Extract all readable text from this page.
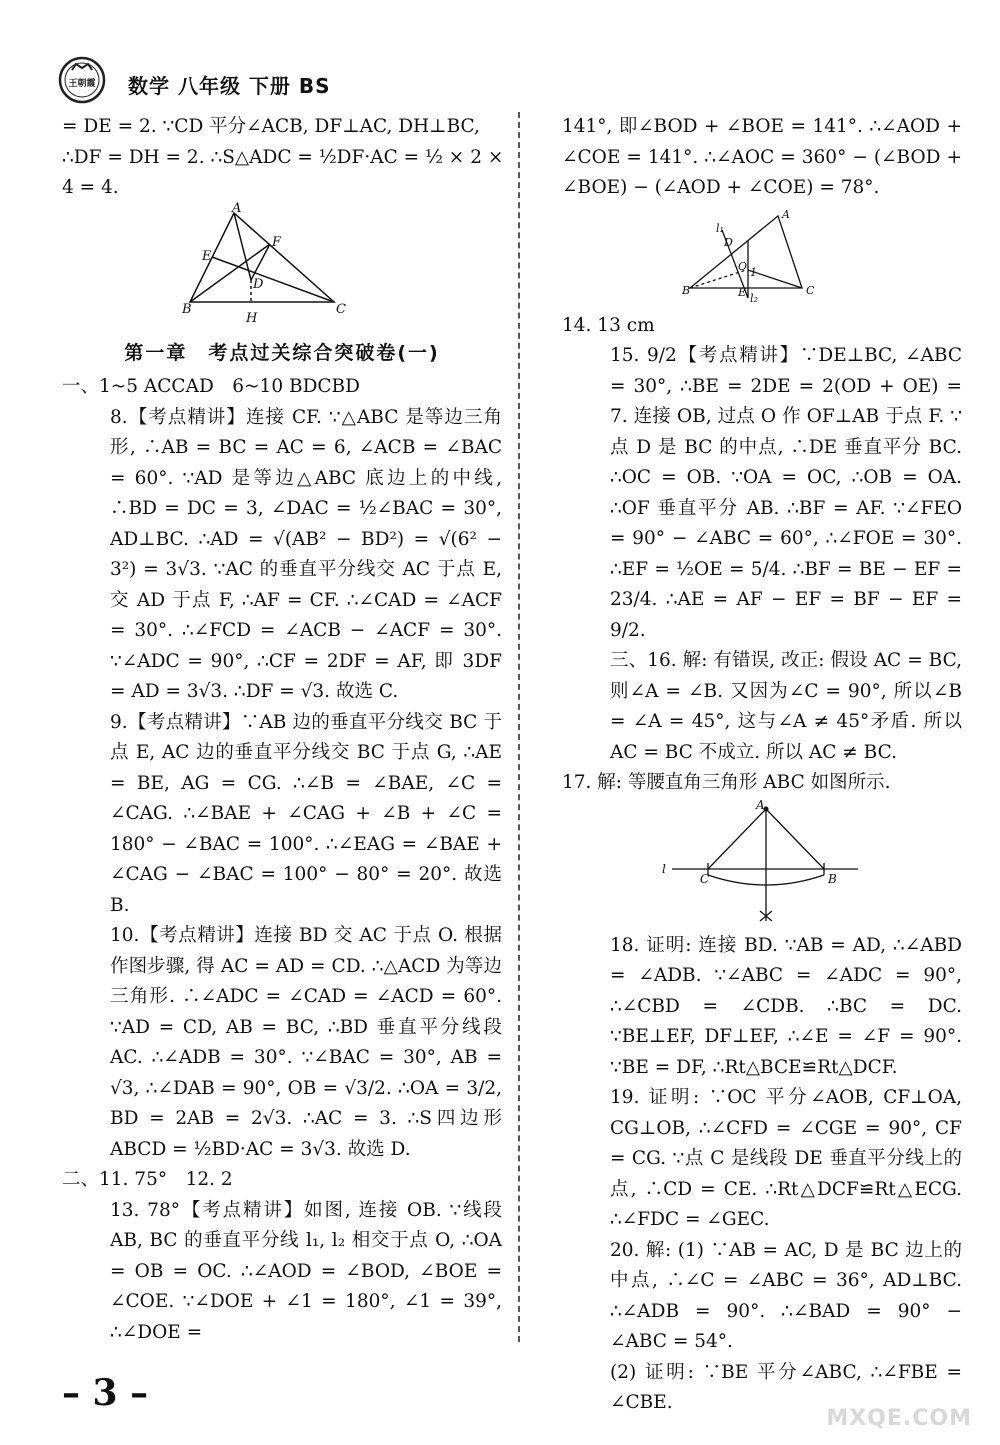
王朝霞 数学 八年级 下册 BS
= DE = 2. ∵CD 平分∠ACB, DF⊥AC, DH⊥BC,
∴DF = DH = 2. ∴S△ADC = ½DF·AC = ½ × 2 ×
4 = 4.
A
E
F
D
B
H
C
第一章　考点过关综合突破卷(一)

一、1~5 ACCAD　6~10 BDCBD

8.【考点精讲】连接 CF. ∵△ABC 是等边三角形, ∴AB = BC = AC = 6, ∠ACB = ∠BAC = 60°. ∵AD 是等边△ABC 底边上的中线, ∴BD = DC = 3, ∠DAC = ½∠BAC = 30°, AD⊥BC. ∴AD = √(AB² − BD²) = √(6² − 3²) = 3√3. ∵AC 的垂直平分线交 AC 于点 E, 交 AD 于点 F, ∴AF = CF. ∴∠CAD = ∠ACF = 30°. ∴∠FCD = ∠ACB − ∠ACF = 30°. ∵∠ADC = 90°, ∴CF = 2DF = AF, 即 3DF = AD = 3√3. ∴DF = √3. 故选 C.

9.【考点精讲】∵AB 边的垂直平分线交 BC 于点 E, AC 边的垂直平分线交 BC 于点 G, ∴AE = BE, AG = CG. ∴∠B = ∠BAE, ∠C = ∠CAG. ∴∠BAE + ∠CAG + ∠B + ∠C = 180° − ∠BAC = 100°. ∴∠EAG = ∠BAE + ∠CAG − ∠BAC = 100° − 80° = 20°. 故选 B.

10.【考点精讲】连接 BD 交 AC 于点 O. 根据作图步骤, 得 AC = AD = CD. ∴△ACD 为等边三角形. ∴∠ADC = ∠CAD = ∠ACD = 60°. ∵AD = CD, AB = BC, ∴BD 垂直平分线段 AC. ∴∠ADB = 30°. ∵∠BAC = 30°, AB = √3, ∴∠DAB = 90°, OB = √3/2. ∴OA = 3/2, BD = 2AB = 2√3. ∴AC = 3. ∴S四边形ABCD = ½BD·AC = 3√3. 故选 D.

二、11. 75°　12. 2

13. 78°【考点精讲】如图, 连接 OB. ∵线段 AB, BC 的垂直平分线 l₁, l₂ 相交于点 O, ∴OA = OB = OC. ∴∠AOD = ∠BOD, ∠BOE = ∠COE. ∵∠DOE + ∠1 = 180°, ∠1 = 39°, ∴∠DOE =

141°, 即∠BOD + ∠BOE = 141°. ∴∠AOD + ∠COE = 141°. ∴∠AOC = 360° − (∠BOD + ∠BOE) − (∠AOD + ∠COE) = 78°.

A
l₁
D
O 1
E l₂
B	C

14. 13 cm

15. 9/2【考点精讲】∵DE⊥BC, ∠ABC = 30°, ∴BE = 2DE = 2(OD + OE) = 7. 连接 OB, 过点 O 作 OF⊥AB 于点 F. ∵点 D 是 BC 的中点, ∴DE 垂直平分 BC. ∴OC = OB. ∵OA = OC, ∴OB = OA. ∴OF 垂直平分 AB. ∴BF = AF. ∵∠FEO = 90° − ∠ABC = 60°, ∴∠FOE = 30°. ∴EF = ½OE = 5/4. ∴BF = BE − EF = 23/4. ∴AE = AF − EF = BF − EF = 9/2.

三、16. 解: 有错误, 改正: 假设 AC = BC, 则∠A = ∠B. 又因为∠C = 90°, 所以∠B = ∠A = 45°, 这与∠A ≠ 45°矛盾. 所以 AC = BC 不成立. 所以 AC ≠ BC.

17. 解: 等腰直角三角形 ABC 如图所示.

A
l
C	B

18. 证明: 连接 BD. ∵AB = AD, ∴∠ABD = ∠ADB. ∵∠ABC = ∠ADC = 90°, ∴∠CBD = ∠CDB. ∴BC = DC. ∵BE⊥EF, DF⊥EF, ∴∠E = ∠F = 90°. ∵BE = DF, ∴Rt△BCE≌Rt△DCF.

19. 证明: ∵OC 平分∠AOB, CF⊥OA, CG⊥OB, ∴∠CFD = ∠CGE = 90°, CF = CG. ∵点 C 是线段 DE 垂直平分线上的点, ∴CD = CE. ∴Rt△DCF≌Rt△ECG. ∴∠FDC = ∠GEC.

20. 解: (1) ∵AB = AC, D 是 BC 边上的中点, ∴∠C = ∠ABC = 36°, AD⊥BC. ∴∠ADB = 90°. ∴∠BAD = 90° − ∠ABC = 54°.

(2) 证明: ∵BE 平分∠ABC, ∴∠FBE = ∠CBE.

– 3 –
MXQE.COM
